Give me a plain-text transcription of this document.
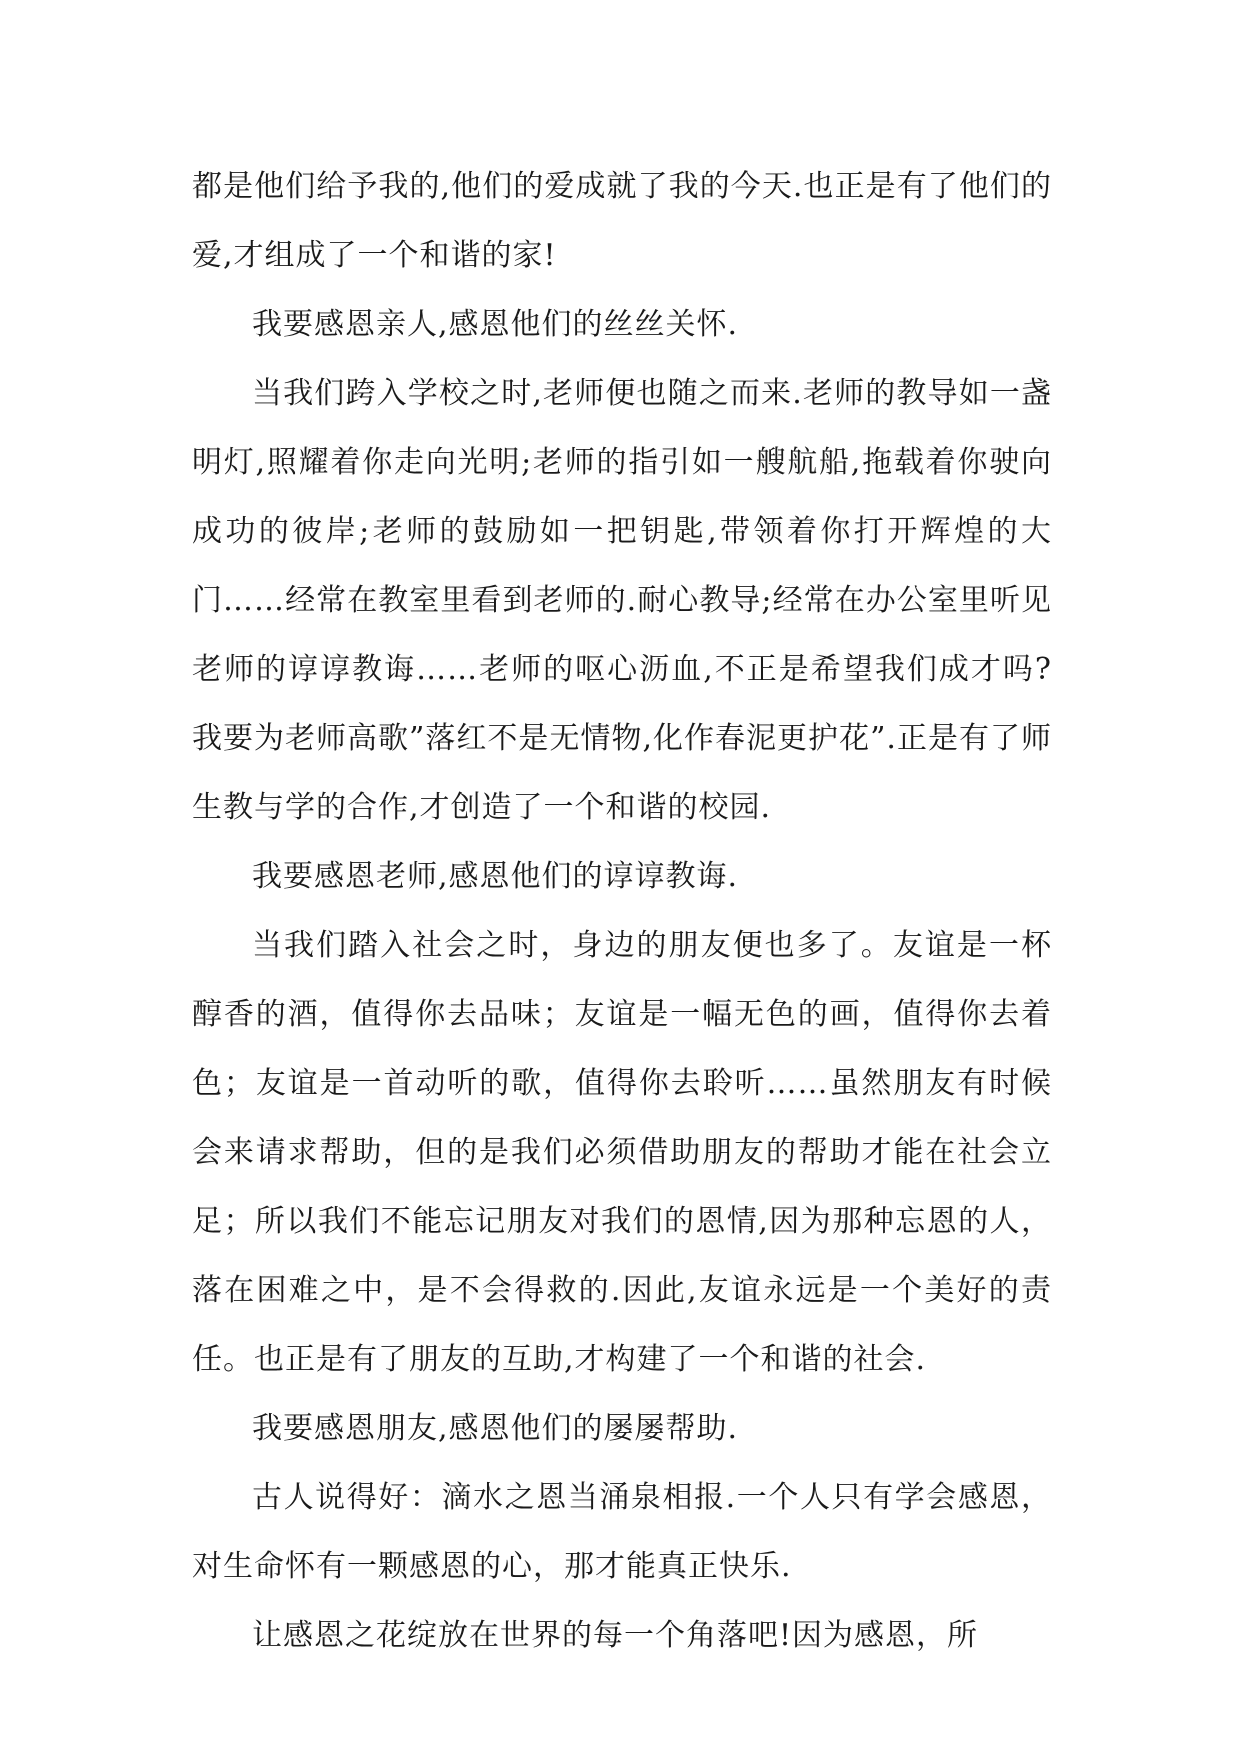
都是他们给予我的,他们的爱成就了我的今天.也正是有了他们的爱,才组成了一个和谐的家!

我要感恩亲人,感恩他们的丝丝关怀.

当我们跨入学校之时,老师便也随之而来.老师的教导如一盏明灯,照耀着你走向光明;老师的指引如一艘航船,拖载着你驶向成功的彼岸;老师的鼓励如一把钥匙,带领着你打开辉煌的大门……经常在教室里看到老师的.耐心教导;经常在办公室里听见老师的谆谆教诲……老师的呕心沥血,不正是希望我们成才吗?我要为老师高歌”落红不是无情物,化作春泥更护花”.正是有了师生教与学的合作,才创造了一个和谐的校园.

我要感恩老师,感恩他们的谆谆教诲.

当我们踏入社会之时，身边的朋友便也多了。友谊是一杯醇香的酒，值得你去品味；友谊是一幅无色的画，值得你去着色；友谊是一首动听的歌，值得你去聆听……虽然朋友有时候会来请求帮助，但的是我们必须借助朋友的帮助才能在社会立足；所以我们不能忘记朋友对我们的恩情,因为那种忘恩的人，落在困难之中，是不会得救的.因此,友谊永远是一个美好的责任。也正是有了朋友的互助,才构建了一个和谐的社会.

我要感恩朋友,感恩他们的屡屡帮助.

古人说得好：滴水之恩当涌泉相报.一个人只有学会感恩，对生命怀有一颗感恩的心，那才能真正快乐.

让感恩之花绽放在世界的每一个角落吧!因为感恩，所
